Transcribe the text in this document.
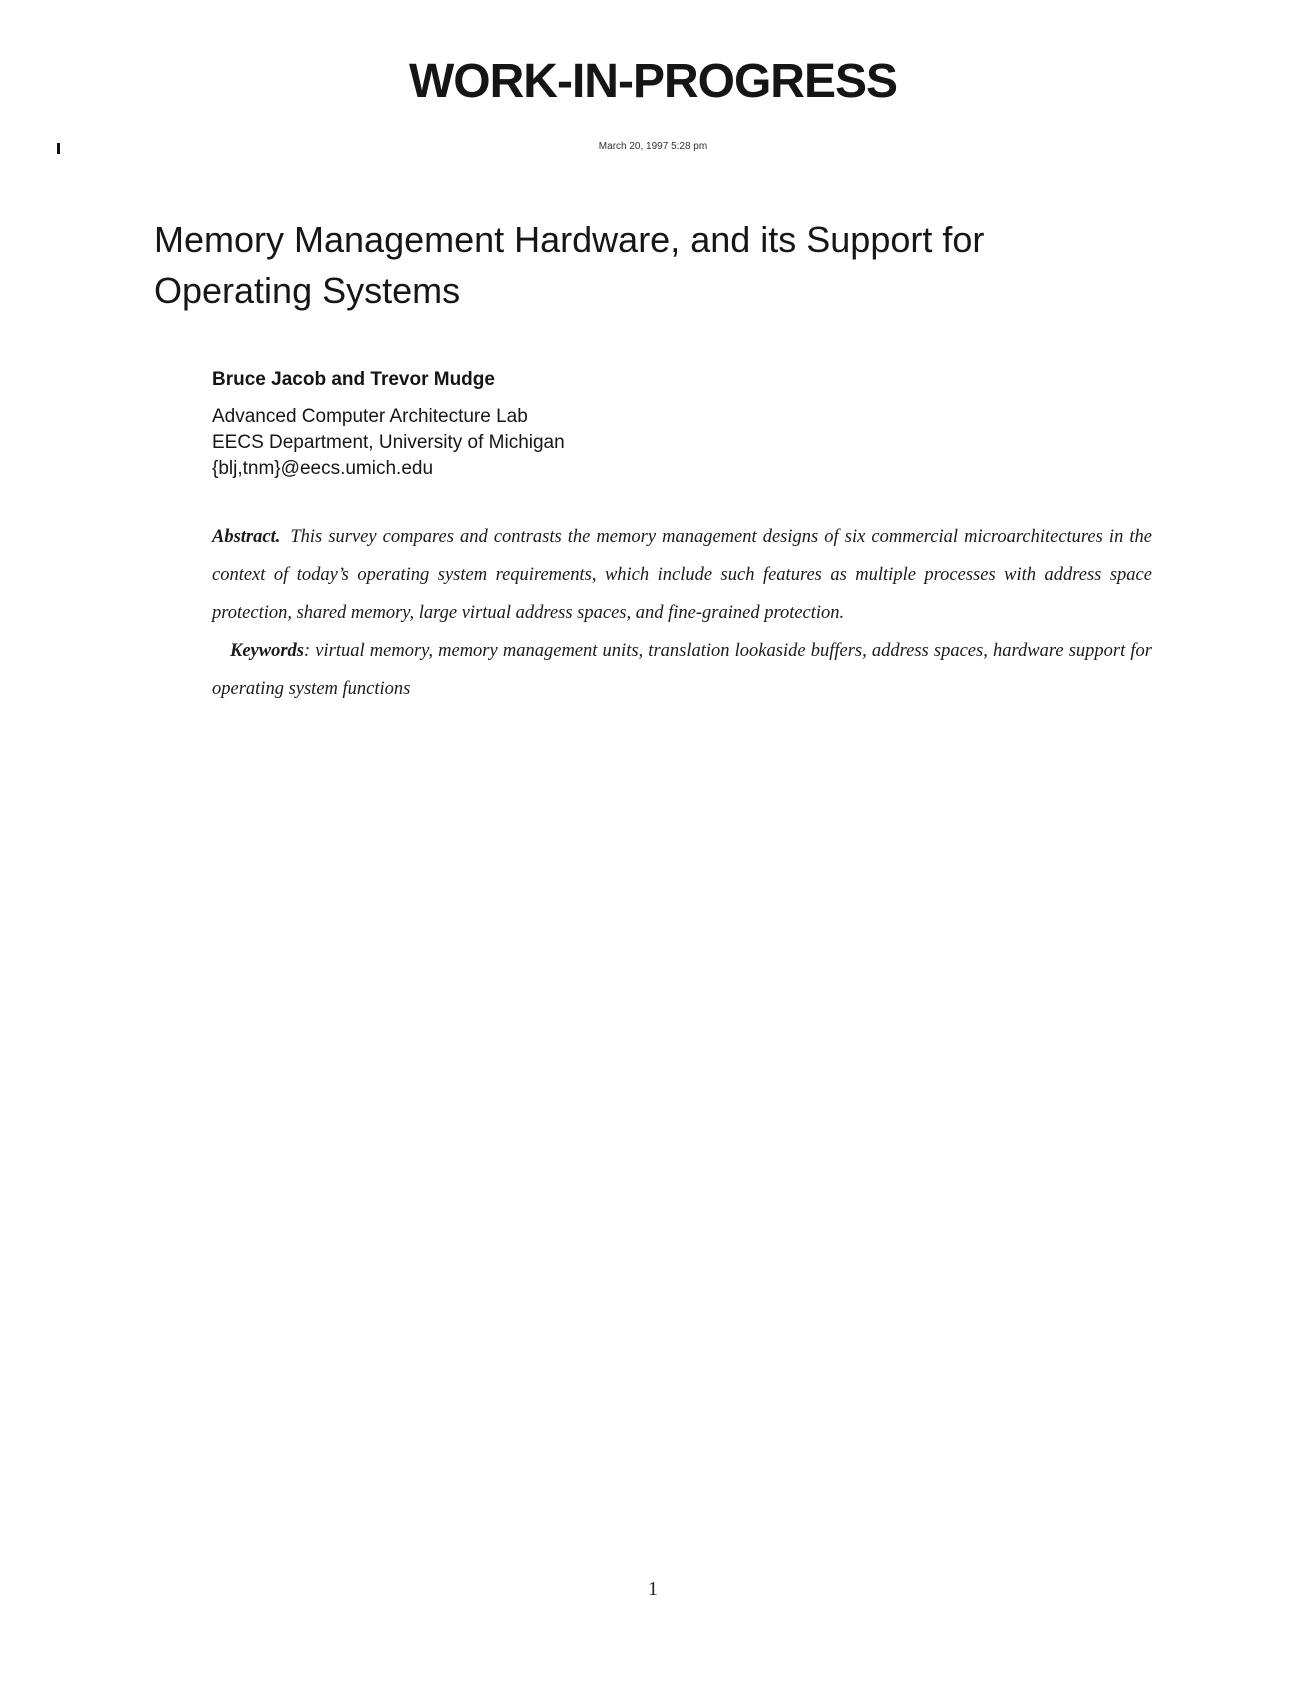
WORK-IN-PROGRESS
March 20, 1997 5:28 pm
Memory Management Hardware, and its Support for
Operating Systems

Bruce Jacob and Trevor Mudge

Advanced Computer Architecture Lab
EECS Department, University of Michigan
{blj,tnm}@eecs.umich.edu

Abstract. This survey compares and contrasts the memory management designs of six commercial microarchitectures in the context of today’s operating system requirements, which include such features as multiple processes with address space protection, shared memory, large virtual address spaces, and fine-grained protection.
Keywords: virtual memory, memory management units, translation lookaside buffers, address spaces, hardware support for operating system functions

1
